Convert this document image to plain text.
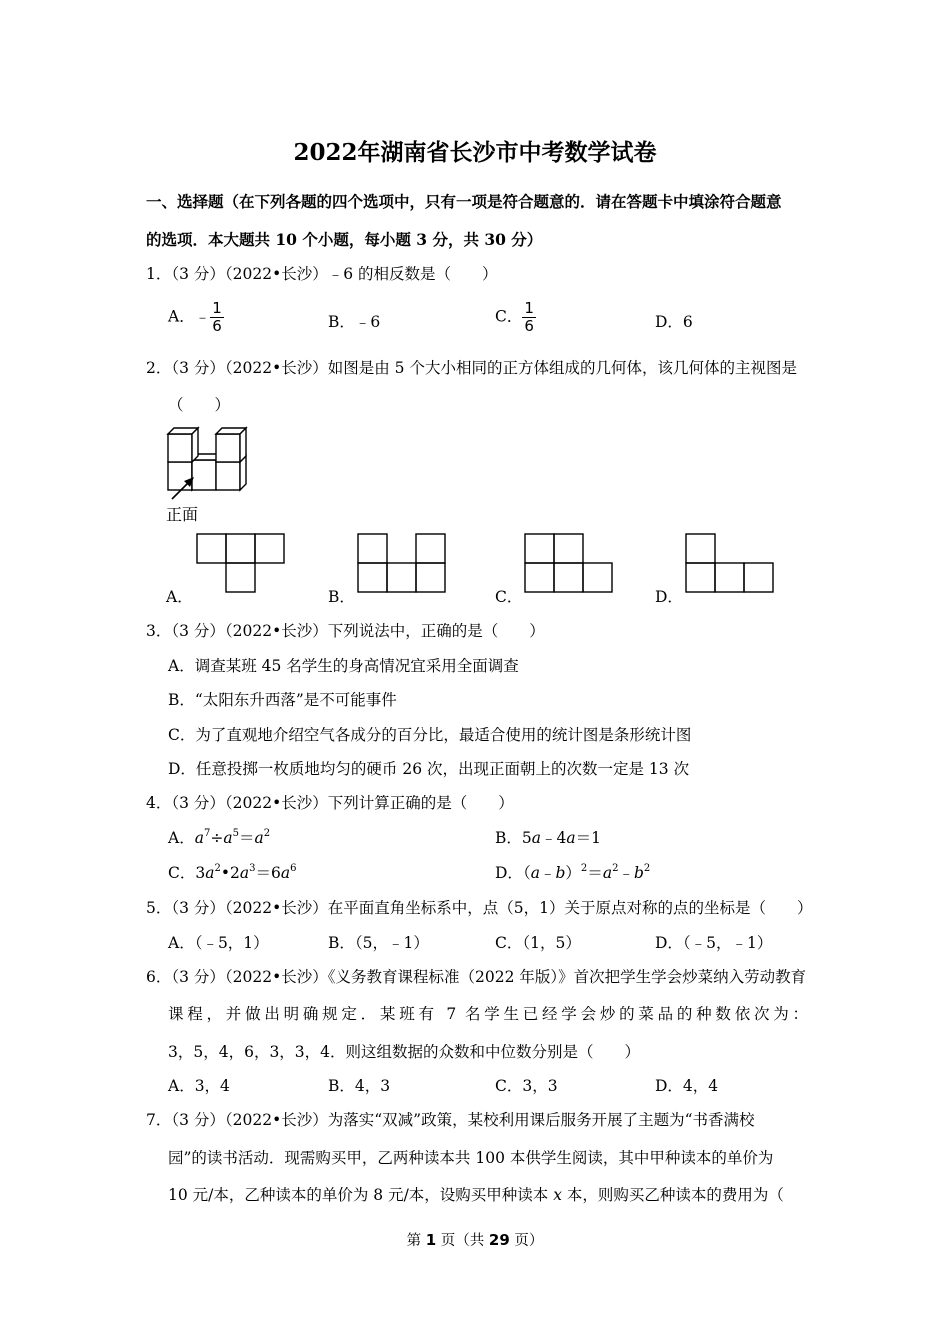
2022年湖南省长沙市中考数学试卷
一、选择题（在下列各题的四个选项中，只有一项是符合题意的．请在答题卡中填涂符合题意
的选项．本大题共 10 个小题，每小题 3 分，共 30 分）
1．（3 分）（2022•长沙）﹣6 的相反数是（　　）
A．﹣ $\frac{1}{6}$	B．﹣6	C． $\frac{1}{6}$	D．6
2．（3 分）（2022•长沙）如图是由 5 个大小相同的正方体组成的几何体，该几何体的主视图是
（　　）
正面
A．	B．	C．	D．
3．（3 分）（2022•长沙）下列说法中，正确的是（　　）
A．调查某班 45 名学生的身高情况宜采用全面调查
B．“太阳东升西落”是不可能事件
C．为了直观地介绍空气各成分的百分比，最适合使用的统计图是条形统计图
D．任意投掷一枚质地均匀的硬币 26 次，出现正面朝上的次数一定是 13 次
4．（3 分）（2022•长沙）下列计算正确的是（　　）
A．$a^7\div a^5=a^2$	B．5a﹣4a＝1
C．$3a^2•2a^3=6a^6$	D．$(a﹣b)^2=a^2﹣b^2$
5．（3 分）（2022•长沙）在平面直角坐标系中，点（5，1）关于原点对称的点的坐标是（　　）
A．（﹣5，1）	B．（5，﹣1）	C．（1，5）	D．（﹣5，﹣1）
6．（3 分）（2022•长沙）《义务教育课程标准（2022 年版）》首次把学生学会炒菜纳入劳动教育
课程，并做出明确规定．某班有 7 名学生已经学会炒的菜品的种数依次为：
3，5，4，6，3，3，4．则这组数据的众数和中位数分别是（　　）
A．3，4	B．4，3	C．3，3	D．4，4
7．（3 分）（2022•长沙）为落实“双减”政策，某校利用课后服务开展了主题为“书香满校
园”的读书活动．现需购买甲，乙两种读本共 100 本供学生阅读，其中甲种读本的单价为
10 元/本，乙种读本的单价为 8 元/本，设购买甲种读本 x 本，则购买乙种读本的费用为（
第 1 页（共 29 页）
